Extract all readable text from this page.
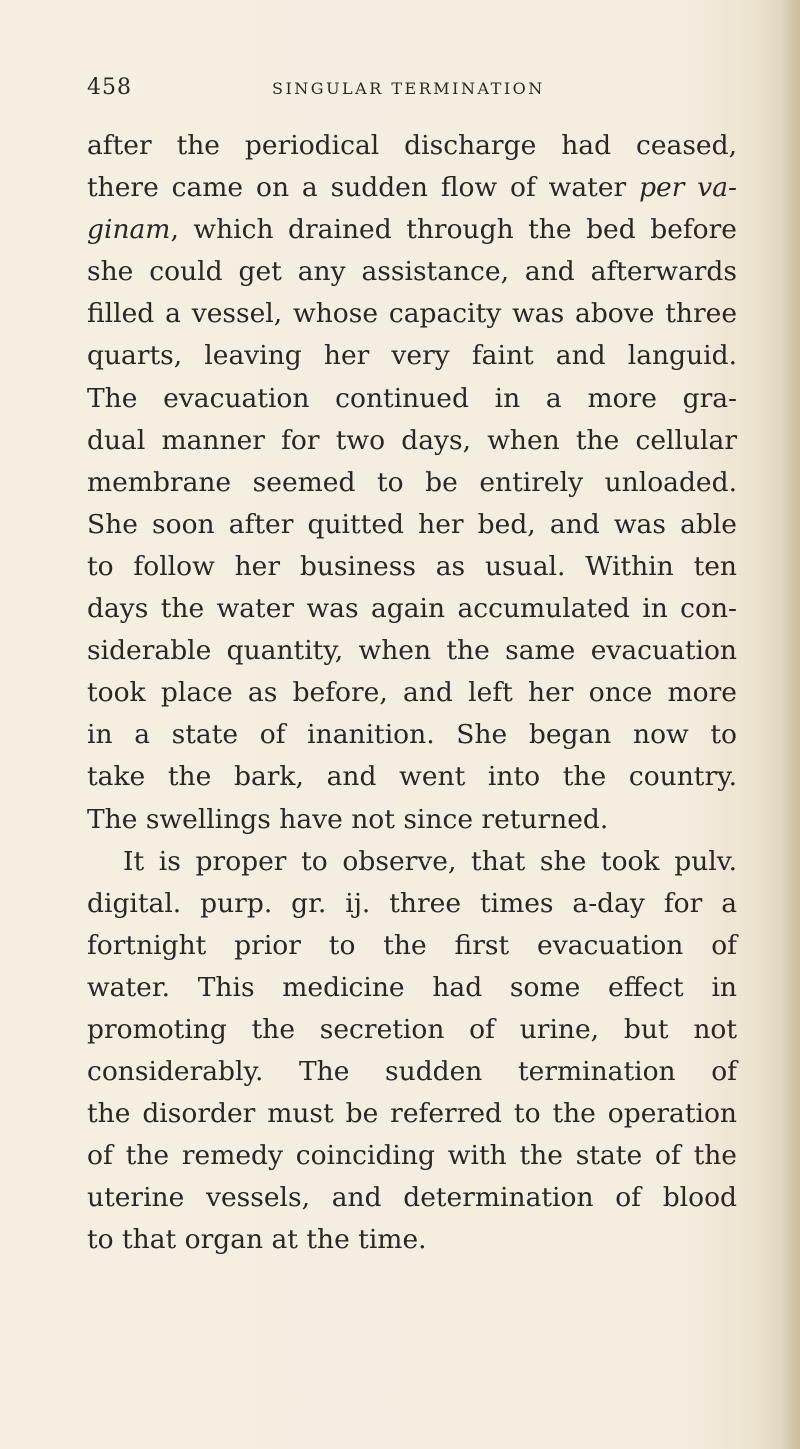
458	SINGULAR TERMINATION
after the periodical discharge had ceased,
there came on a sudden flow of water per va-
ginam, which drained through the bed before
she could get any assistance, and afterwards
filled a vessel, whose capacity was above three
quarts, leaving her very faint and languid.
The evacuation continued in a more gra-
dual manner for two days, when the cellular
membrane seemed to be entirely unloaded.
She soon after quitted her bed, and was able
to follow her business as usual. Within ten
days the water was again accumulated in con-
siderable quantity, when the same evacuation
took place as before, and left her once more
in a state of inanition. She began now to
take the bark, and went into the country.
The swellings have not since returned.
It is proper to observe, that she took pulv.
digital. purp. gr. ij. three times a-day for a
fortnight prior to the first evacuation of
water. This medicine had some effect in
promoting the secretion of urine, but not
considerably. The sudden termination of
the disorder must be referred to the operation
of the remedy coinciding with the state of the
uterine vessels, and determination of blood
to that organ at the time.
